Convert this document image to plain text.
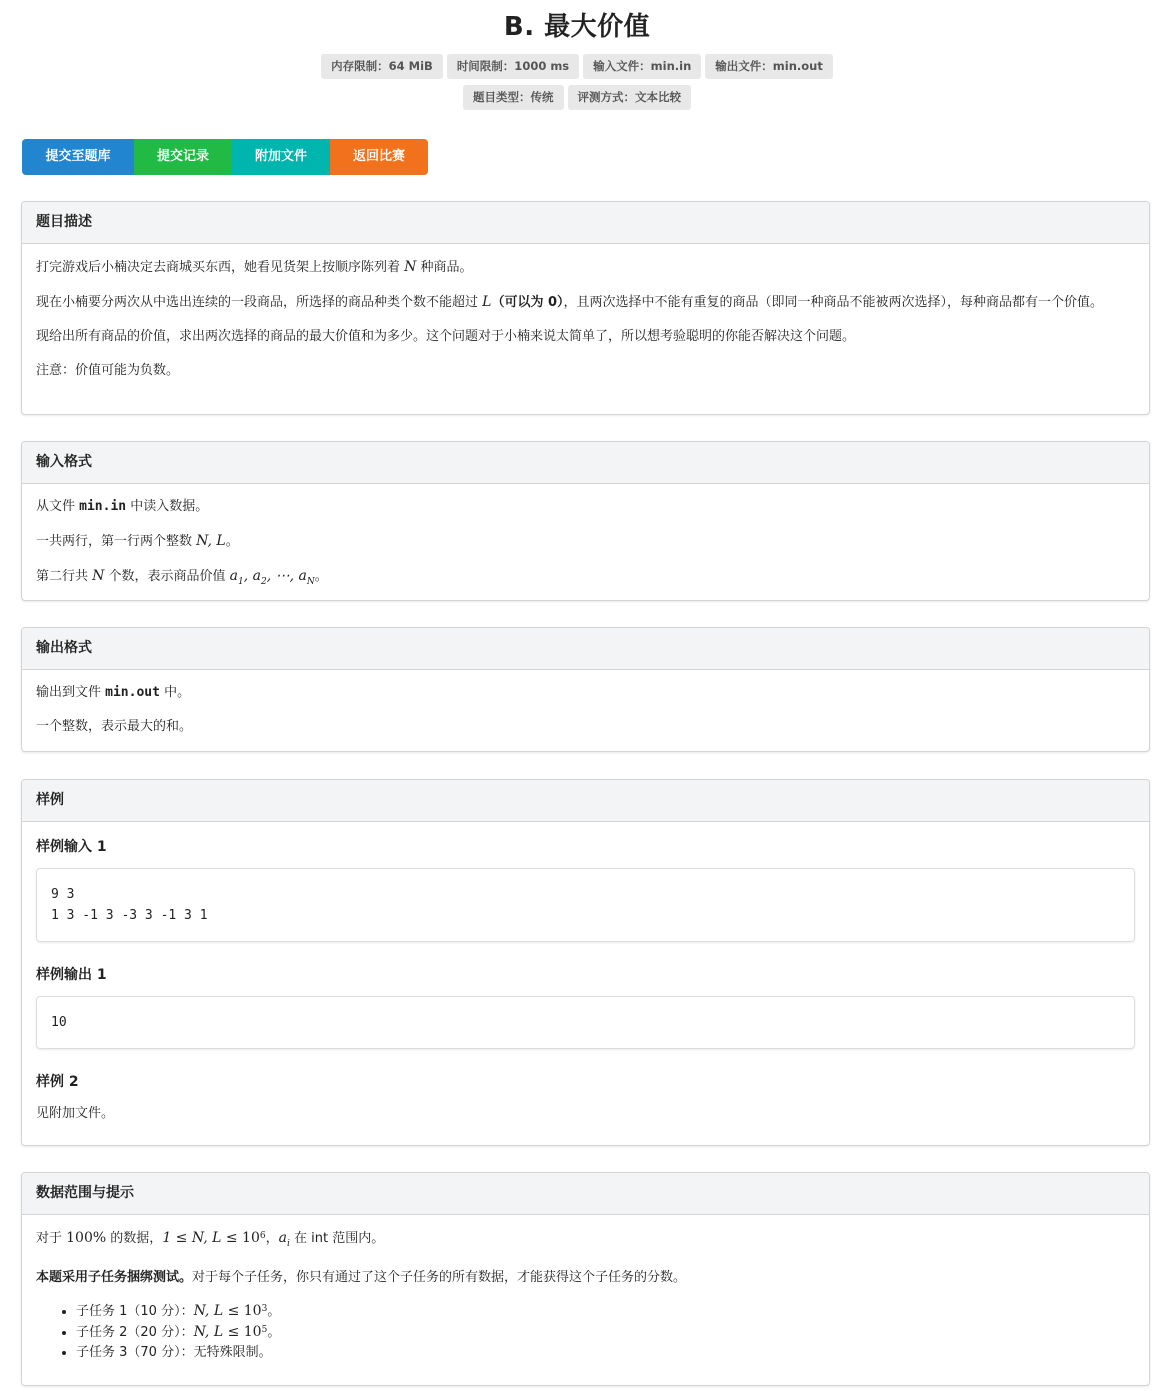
B. 最大价值
内存限制：64 MiB 时间限制：1000 ms 输入文件：min.in 输出文件：min.out
题目类型：传统 评测方式：文本比较
提交至题库	提交记录	附加文件	返回比赛
题目描述

打完游戏后小楠决定去商城买东西，她看见货架上按顺序陈列着 N 种商品。

现在小楠要分两次从中选出连续的一段商品，所选择的商品种类个数不能超过 L（可以为 0），且两次选择中不能有重复的商品（即同一种商品不能被两次选择），每种商品都有一个价值。

现给出所有商品的价值，求出两次选择的商品的最大价值和为多少。这个问题对于小楠来说太简单了，所以想考验聪明的你能否解决这个问题。

注意：价值可能为负数。

输入格式

从文件 min.in 中读入数据。

一共两行，第一行两个整数 N, L。

第二行共 N 个数，表示商品价值 $a_1$, $a_2$, ⋯, $a_N$。

输出格式

输出到文件 min.out 中。

一个整数，表示最大的和。

样例
样例输入 1
9 3
1 3 -1 3 -3 3 -1 3 1
样例输出 1
10
样例 2

见附加文件。

数据范围与提示

对于 100% 的数据，1 ≤ N, $L \le 10^6$，$a_i$ 在 int 范围内。

本题采用子任务捆绑测试。对于每个子任务，你只有通过了这个子任务的所有数据，才能获得这个子任务的分数。

• 子任务 1（10 分）：N, $L \le 10^3$。
• 子任务 2（20 分）：N, $L \le 10^5$。
• 子任务 3（70 分）：无特殊限制。
